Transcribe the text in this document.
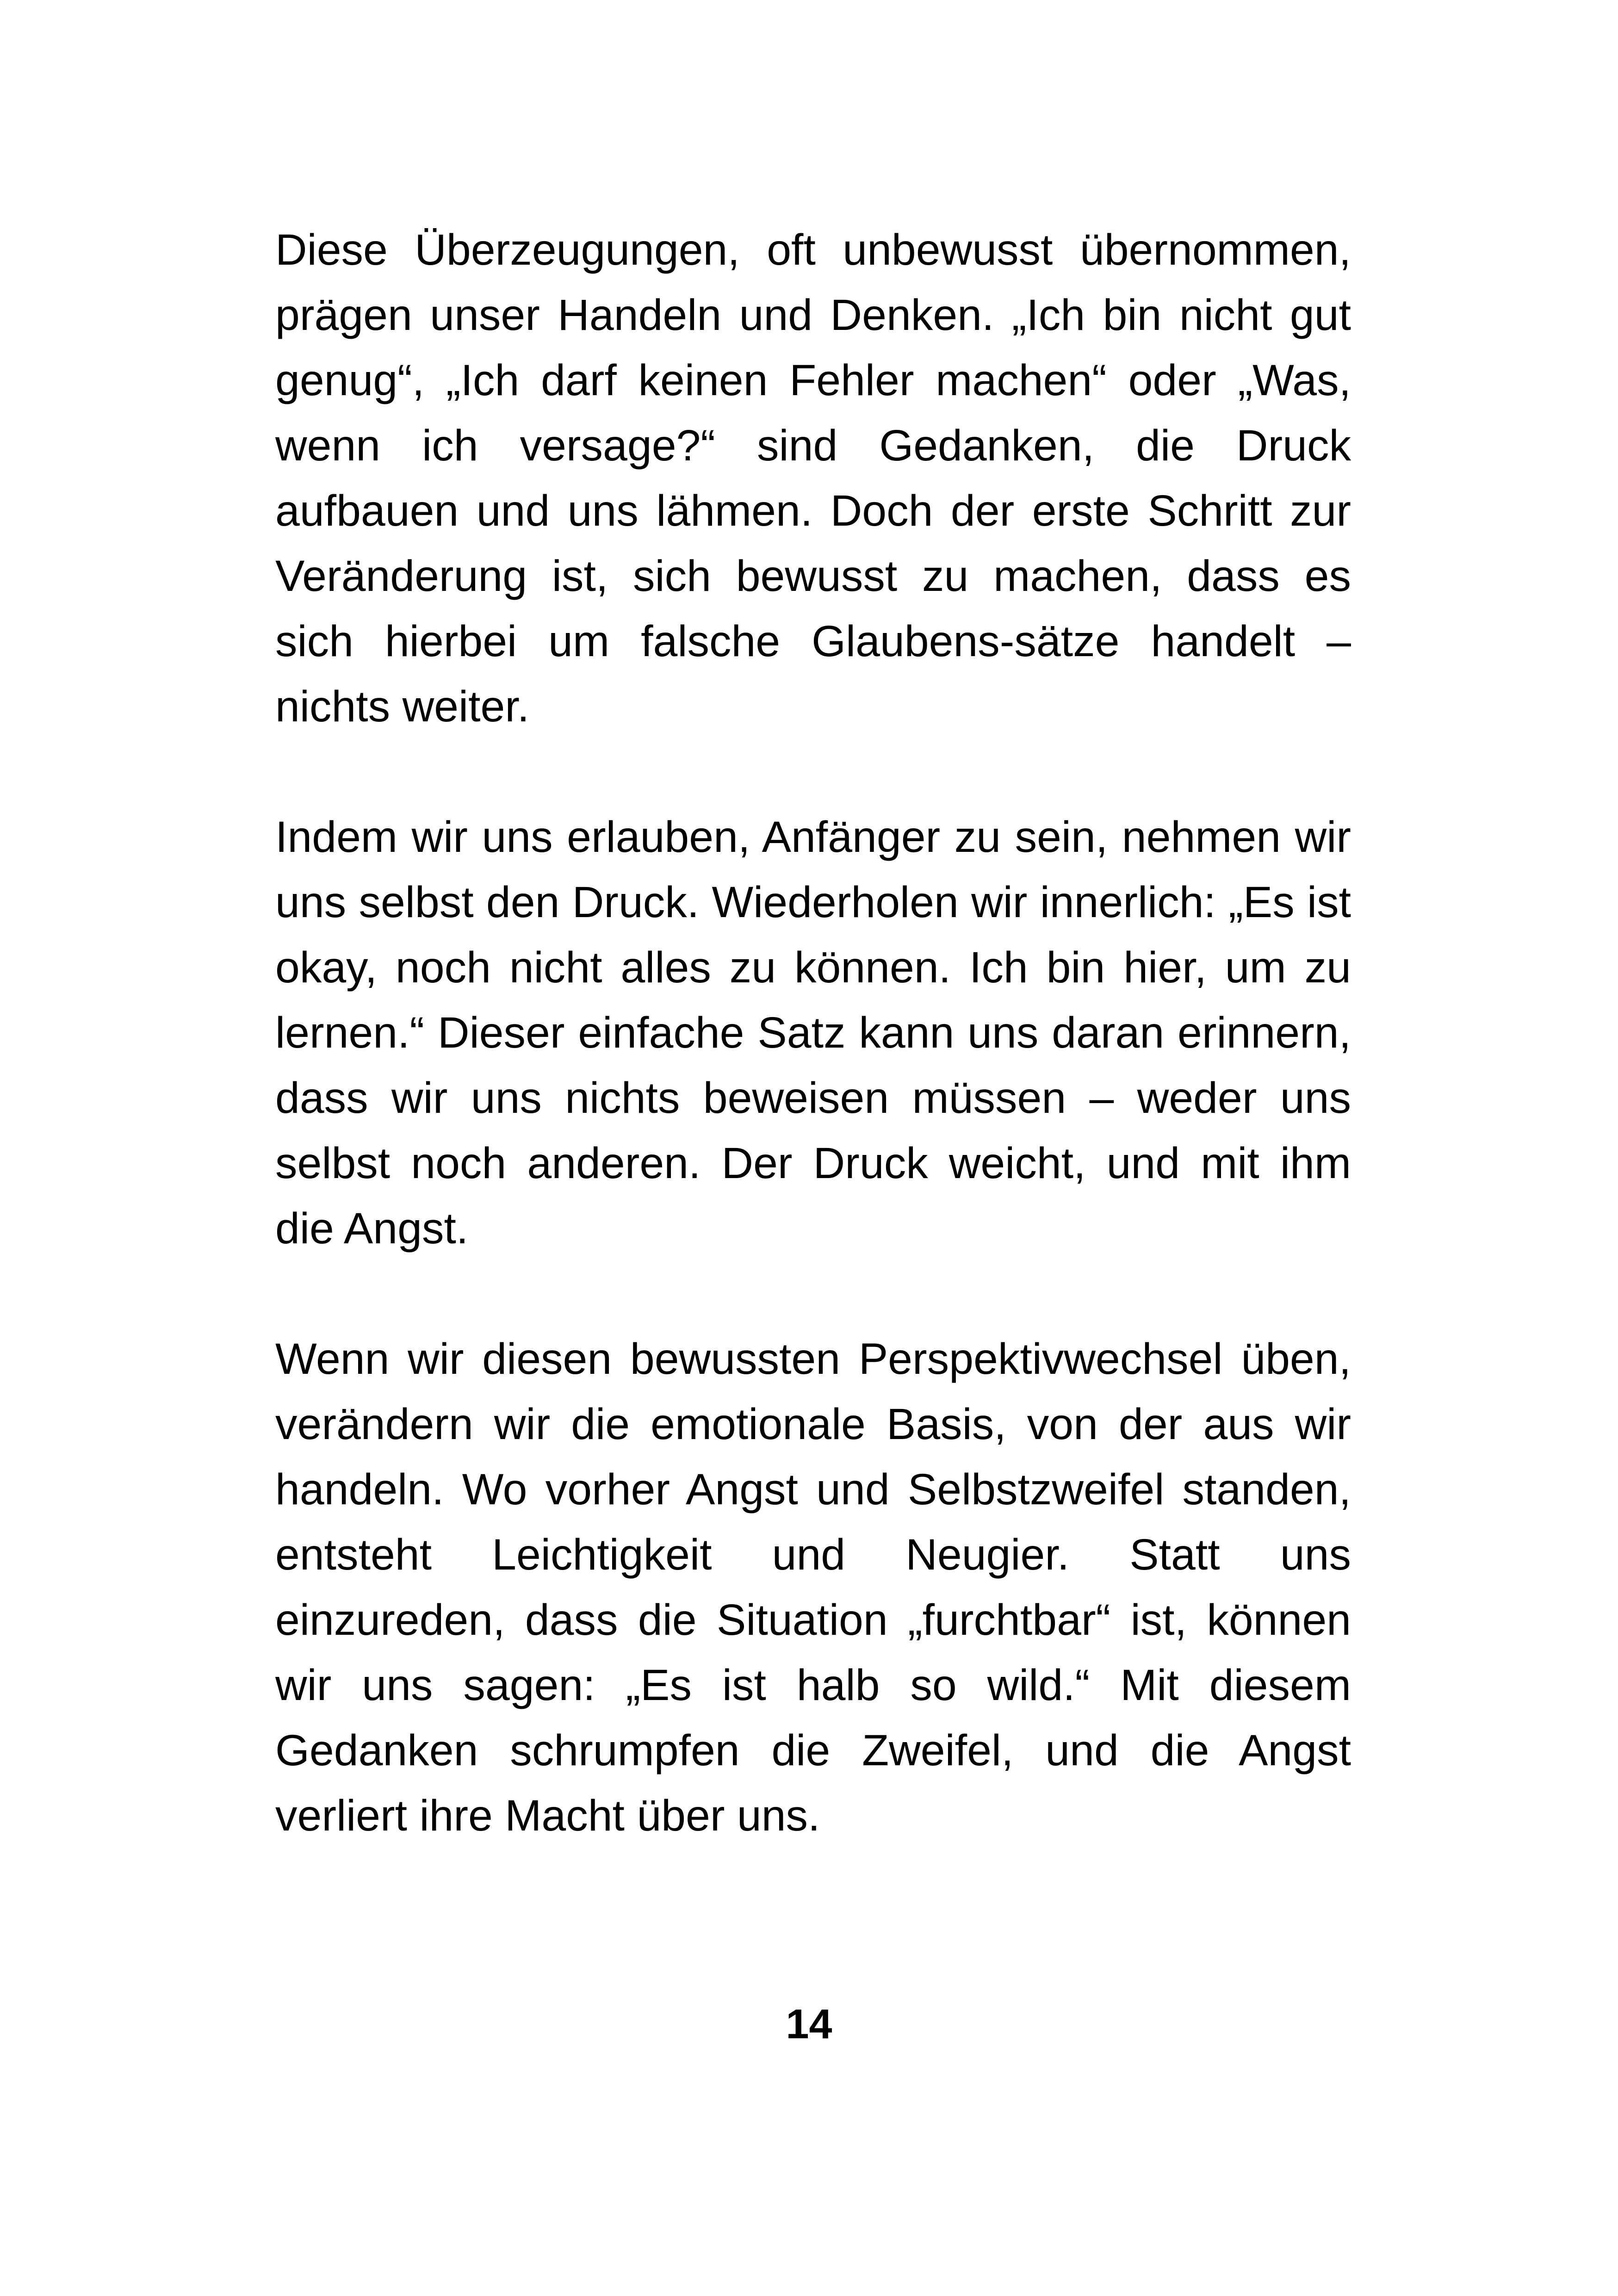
Diese Überzeugungen, oft unbewusst übernommen, prägen unser Handeln und Denken. „Ich bin nicht gut genug“, „Ich darf keinen Fehler machen“ oder „Was, wenn ich versage?“ sind Gedanken, die Druck aufbauen und uns lähmen. Doch der erste Schritt zur Veränderung ist, sich bewusst zu machen, dass es sich hierbei um falsche Glaubens-sätze handelt – nichts weiter.

Indem wir uns erlauben, Anfänger zu sein, nehmen wir uns selbst den Druck. Wiederholen wir innerlich: „Es ist okay, noch nicht alles zu können. Ich bin hier, um zu lernen.“ Dieser einfache Satz kann uns daran erinnern, dass wir uns nichts beweisen müssen – weder uns selbst noch anderen. Der Druck weicht, und mit ihm die Angst.

Wenn wir diesen bewussten Perspektivwechsel üben, verändern wir die emotionale Basis, von der aus wir handeln. Wo vorher Angst und Selbstzweifel standen, entsteht Leichtigkeit und Neugier. Statt uns einzureden, dass die Situation „furchtbar“ ist, können wir uns sagen: „Es ist halb so wild.“ Mit diesem Gedanken schrumpfen die Zweifel, und die Angst verliert ihre Macht über uns.

14
